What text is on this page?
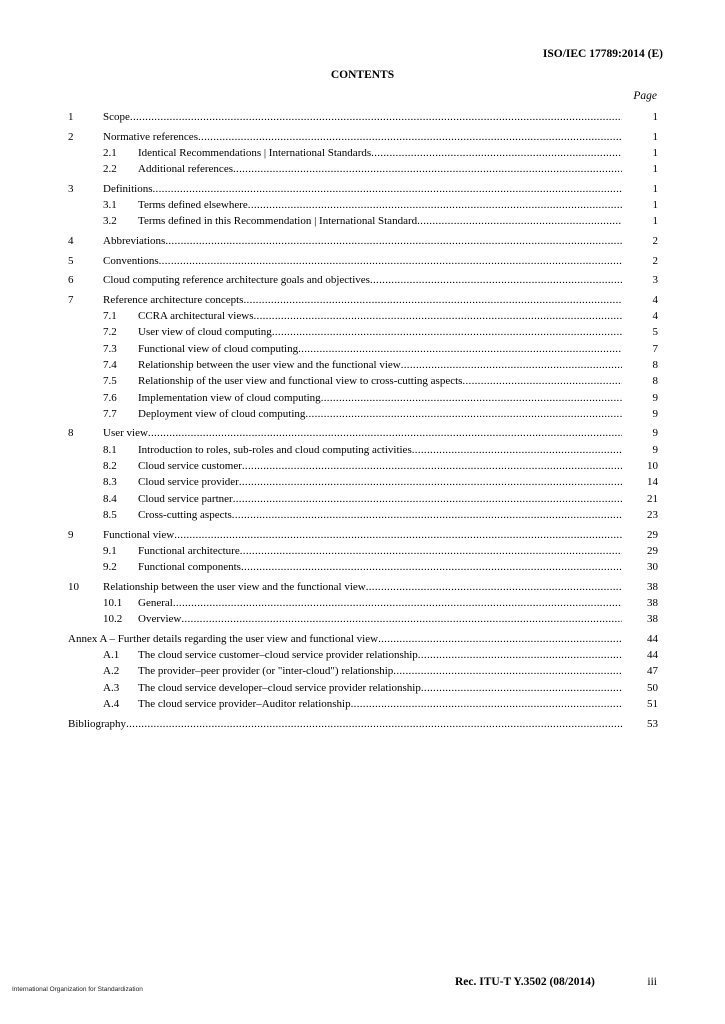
ISO/IEC 17789:2014 (E)
CONTENTS
Page
1	Scope .....	1
2	Normative references .....	1
2.1 Identical Recommendations | International Standards .....	1
2.2 Additional references .....	1
3	Definitions .....	1
3.1 Terms defined elsewhere .....	1
3.2 Terms defined in this Recommendation | International Standard .....	1
4	Abbreviations .....	2
5	Conventions .....	2
6	Cloud computing reference architecture goals and objectives .....	3
7	Reference architecture concepts .....	4
7.1 CCRA architectural views .....	4
7.2 User view of cloud computing .....	5
7.3 Functional view of cloud computing .....	7
7.4 Relationship between the user view and the functional view .....	8
7.5 Relationship of the user view and functional view to cross-cutting aspects .....	8
7.6 Implementation view of cloud computing .....	9
7.7 Deployment view of cloud computing .....	9
8	User view .....	9
8.1 Introduction to roles, sub-roles and cloud computing activities .....	9
8.2 Cloud service customer .....	10
8.3 Cloud service provider .....	14
8.4 Cloud service partner .....	21
8.5 Cross-cutting aspects .....	23
9	Functional view .....	29
9.1 Functional architecture .....	29
9.2 Functional components .....	30
10 Relationship between the user view and the functional view .....	38
10.1 General .....	38
10.2 Overview .....	38
Annex A – Further details regarding the user view and functional view .....	44
A.1 The cloud service customer–cloud service provider relationship .....	44
A.2 The provider–peer provider (or "inter-cloud") relationship .....	47
A.3 The cloud service developer–cloud service provider relationship .....	50
A.4 The cloud service provider–Auditor relationship .....	51
Bibliography .....	53
International Organization for Standardization
Rec. ITU-T Y.3502 (08/2014)	iii
